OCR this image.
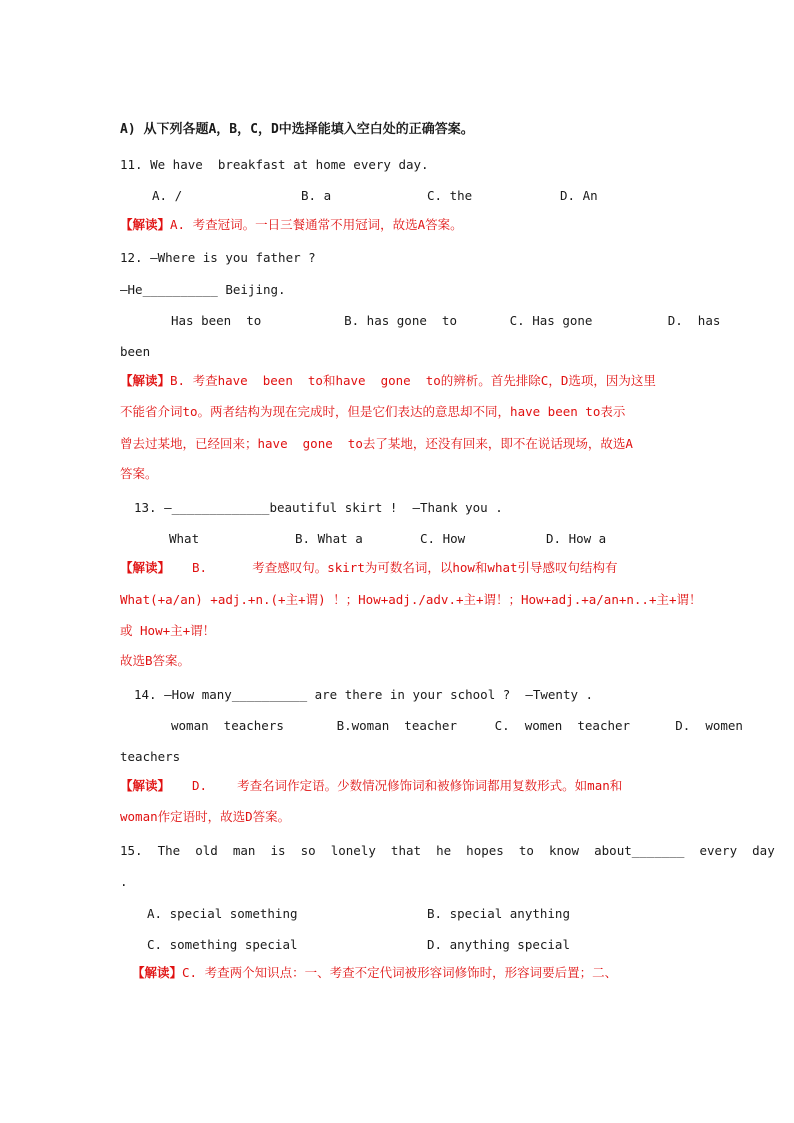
A) 从下列各题A，B，C，D中选择能填入空白处的正确答案。
11. We have  breakfast at home every day.
A. /	B. a	C. the	D. An
【解读】A. 考查冠词。一日三餐通常不用冠词，故选A答案。
12. —Where is you father ?
—He__________ Beijing.
Has been  to           B. has gone  to       C. Has gone          D.  has
been
【解读】B. 考查have  been  to和have  gone  to的辨析。首先排除C，D选项，因为这里
不能省介词to。两者结构为现在完成时，但是它们表达的意思却不同，have been to表示
曾去过某地，已经回来；have  gone  to去了某地，还没有回来，即不在说话现场，故选A
答案。
13. —_____________beautiful skirt !  —Thank you .
What	B. What a	C. How	D. How a
【解读】 B.      考查感叹句。skirt为可数名词，以how和what引导感叹句结构有
What(+a/an) +adj.+n.(+主+谓) ！；How+adj./adv.+主+谓！；How+adj.+a/an+n..+主+谓！
或 How+主+谓！
故选B答案。
14. —How many__________ are there in your school ?  —Twenty .
woman  teachers       B.woman  teacher     C.  women  teacher      D.  women
teachers
【解读】 D.    考查名词作定语。少数情况修饰词和被修饰词都用复数形式。如man和
woman作定语时，故选D答案。
15.  The  old  man  is  so  lonely  that  he  hopes  to  know  about_______  every  day
.
A. special something	B. special anything
C. something special	D. anything special
【解读】C. 考查两个知识点：一、考查不定代词被形容词修饰时，形容词要后置；二、
